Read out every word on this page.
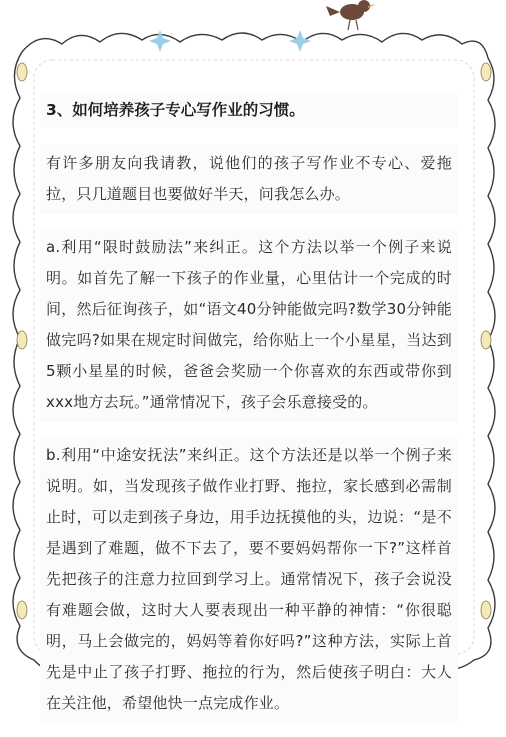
3、如何培养孩子专心写作业的习惯。
有许多朋友向我请教，说他们的孩子写作业不专心、爱拖拉，只几道题目也要做好半天，问我怎么办。
a.利用“限时鼓励法”来纠正。这个方法以举一个例子来说明。如首先了解一下孩子的作业量，心里估计一个完成的时间，然后征询孩子，如“语文40分钟能做完吗?数学30分钟能做完吗?如果在规定时间做完，给你贴上一个小星星，当达到5颗小星星的时候，爸爸会奖励一个你喜欢的东西或带你到xxx地方去玩。”通常情况下，孩子会乐意接受的。
b.利用“中途安抚法”来纠正。这个方法还是以举一个例子来说明。如，当发现孩子做作业打野、拖拉，家长感到必需制止时，可以走到孩子身边，用手边抚摸他的头，边说：“是不是遇到了难题，做不下去了，要不要妈妈帮你一下?”这样首先把孩子的注意力拉回到学习上。通常情况下，孩子会说没有难题会做，这时大人要表现出一种平静的神情：“你很聪明，马上会做完的，妈妈等着你好吗?”这种方法，实际上首先是中止了孩子打野、拖拉的行为，然后使孩子明白：大人在关注他，希望他快一点完成作业。
